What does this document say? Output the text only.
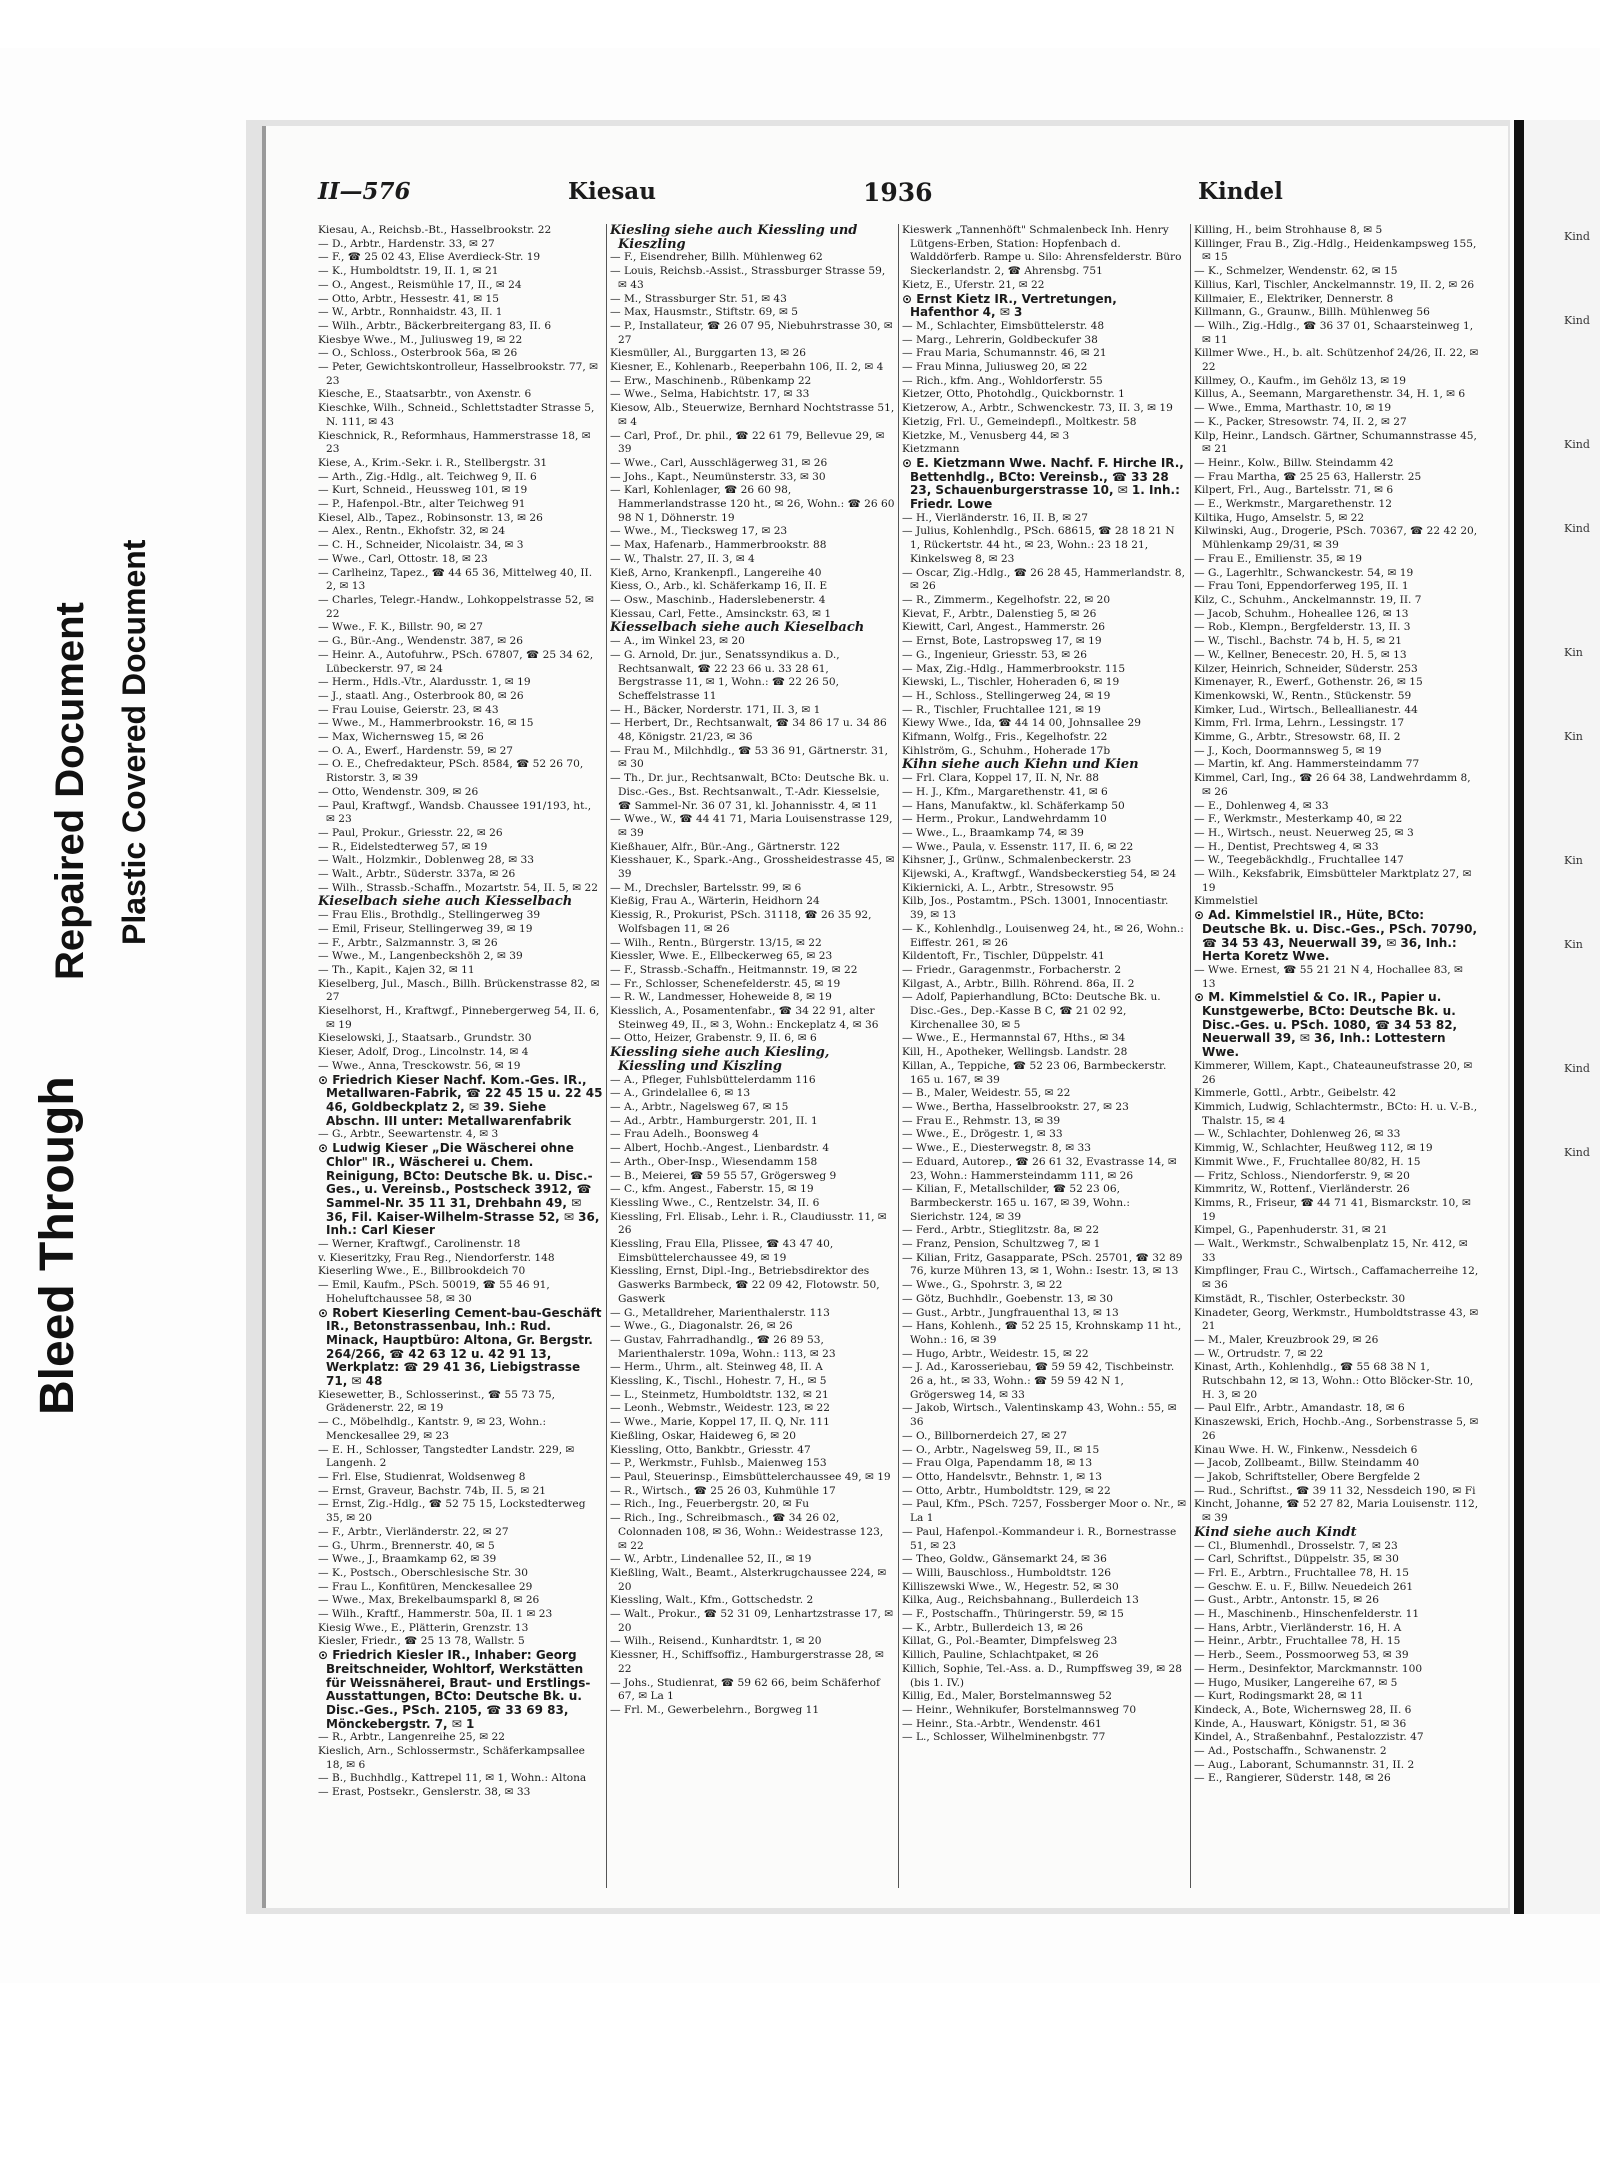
Bleed Through
Repaired Document Plastic Covered Document
Kind
Kind
Kind
Kind
Kin
Kin
Kin
Kin
Kind
Kind
II—576	Kiesau	1936	Kindel

Kiesau, A., Reichsb.-Bt., Hasselbrookstr. 22

— D., Arbtr., Hardenstr. 33, ✉ 27

— F., ☎ 25 02 43, Elise Averdieck-Str. 19

— K., Humboldtstr. 19, II. 1, ✉ 21

— O., Angest., Reismühle 17, II., ✉ 24

— Otto, Arbtr., Hessestr. 41, ✉ 15

— W., Arbtr., Ronnhaidstr. 43, II. 1

— Wilh., Arbtr., Bäckerbreitergang 83, II. 6

Kiesbye Wwe., M., Juliusweg 19, ✉ 22

— O., Schloss., Osterbrook 56a, ✉ 26

— Peter, Gewichtskontrolleur, Hasselbrookstr. 77, ✉ 23

Kiesche, E., Staatsarbtr., von Axenstr. 6

Kieschke, Wilh., Schneid., Schlettstadter Strasse 5, N. 111, ✉ 43

Kieschnick, R., Reformhaus, Hammerstrasse 18, ✉ 23

Kiese, A., Krim.-Sekr. i. R., Stellbergstr. 31

— Arth., Zig.-Hdlg., alt. Teichweg 9, II. 6

— Kurt, Schneid., Heussweg 101, ✉ 19

— P., Hafenpol.-Btr., alter Teichweg 91

Kiesel, Alb., Tapez., Robinsonstr. 13, ✉ 26

— Alex., Rentn., Ekhofstr. 32, ✉ 24

— C. H., Schneider, Nicolaistr. 34, ✉ 3

— Wwe., Carl, Ottostr. 18, ✉ 23

— Carlheinz, Tapez., ☎ 44 65 36, Mittelweg 40, II. 2, ✉ 13

— Charles, Telegr.-Handw., Lohkoppelstrasse 52, ✉ 22

— Wwe., F. K., Billstr. 90, ✉ 27

— G., Bür.-Ang., Wendenstr. 387, ✉ 26

— Heinr. A., Autofuhrw., PSch. 67807, ☎ 25 34 62, Lübeckerstr. 97, ✉ 24

— Herm., Hdls.-Vtr., Alardusstr. 1, ✉ 19

— J., staatl. Ang., Osterbrook 80, ✉ 26

— Frau Louise, Geierstr. 23, ✉ 43

— Wwe., M., Hammerbrookstr. 16, ✉ 15

— Max, Wichernsweg 15, ✉ 26

— O. A., Ewerf., Hardenstr. 59, ✉ 27

— O. E., Chefredakteur, PSch. 8584, ☎ 52 26 70, Ristorstr. 3, ✉ 39

— Otto, Wendenstr. 309, ✉ 26

— Paul, Kraftwgf., Wandsb. Chaussee 191/193, ht., ✉ 23

— Paul, Prokur., Griesstr. 22, ✉ 26

— R., Eidelstedterweg 57, ✉ 19

— Walt., Holzmkir., Doblenweg 28, ✉ 33

— Walt., Arbtr., Süderstr. 337a, ✉ 26

— Wilh., Strassb.-Schaffn., Mozartstr. 54, II. 5, ✉ 22

Kieselbach siehe auch Kiesselbach

— Frau Elis., Brothdlg., Stellingerweg 39

— Emil, Friseur, Stellingerweg 39, ✉ 19

— F., Arbtr., Salzmannstr. 3, ✉ 26

— Wwe., M., Langenbeckshöh 2, ✉ 39

— Th., Kapit., Kajen 32, ✉ 11

Kieselberg, Jul., Masch., Billh. Brückenstrasse 82, ✉ 27

Kieselhorst, H., Kraftwgf., Pinnebergerweg 54, II. 6, ✉ 19

Kieselowski, J., Staatsarb., Grundstr. 30

Kieser, Adolf, Drog., Lincolnstr. 14, ✉ 4

— Wwe., Anna, Tresckowstr. 56, ✉ 19

⊙ Friedrich Kieser Nachf. Kom.-Ges. IR., Metallwaren-Fabrik, ☎ 22 45 15 u. 22 45 46, Goldbeckplatz 2, ✉ 39. Siehe Abschn. III unter: Metallwarenfabrik

— G., Arbtr., Seewartenstr. 4, ✉ 3

⊙ Ludwig Kieser „Die Wäscherei ohne Chlor" IR., Wäscherei u. Chem. Reinigung, BCto: Deutsche Bk. u. Disc.-Ges., u. Vereinsb., Postscheck 3912, ☎ Sammel-Nr. 35 11 31, Drehbahn 49, ✉ 36, Fil. Kaiser-Wilhelm-Strasse 52, ✉ 36, Inh.: Carl Kieser

— Werner, Kraftwgf., Carolinenstr. 18

v. Kieseritzky, Frau Reg., Niendorferstr. 148

Kieserling Wwe., E., Billbrookdeich 70

— Emil, Kaufm., PSch. 50019, ☎ 55 46 91, Hoheluftchaussee 58, ✉ 30

⊙ Robert Kieserling Cement-bau-Geschäft IR., Betonstrassenbau, Inh.: Rud. Minack, Hauptbüro: Altona, Gr. Bergstr. 264/266, ☎ 42 63 12 u. 42 91 13, Werkplatz: ☎ 29 41 36, Liebigstrasse 71, ✉ 48

Kiesewetter, B., Schlosserinst., ☎ 55 73 75, Grädenerstr. 22, ✉ 19

— C., Möbelhdlg., Kantstr. 9, ✉ 23, Wohn.: Menckesallee 29, ✉ 23

— E. H., Schlosser, Tangstedter Landstr. 229, ✉ Langenh. 2

— Frl. Else, Studienrat, Woldsenweg 8

— Ernst, Graveur, Bachstr. 74b, II. 5, ✉ 21

— Ernst, Zig.-Hdlg., ☎ 52 75 15, Lockstedterweg 35, ✉ 20

— F., Arbtr., Vierländerstr. 22, ✉ 27

— G., Uhrm., Brennerstr. 40, ✉ 5

— Wwe., J., Braamkamp 62, ✉ 39

— K., Postsch., Oberschlesische Str. 30

— Frau L., Konfitüren, Menckesallee 29

— Wwe., Max, Brekelbaumsparkl 8, ✉ 26

— Wilh., Kraftf., Hammerstr. 50a, II. 1 ✉ 23

Kiesig Wwe., E., Plätterin, Grenzstr. 13

Kiesler, Friedr., ☎ 25 13 78, Wallstr. 5

⊙ Friedrich Kiesler IR., Inhaber: Georg Breitschneider, Wohltorf, Werkstätten für Weissnäherei, Braut- und Erstlings-Ausstattungen, BCto: Deutsche Bk. u. Disc.-Ges., PSch. 2105, ☎ 33 69 83, Mönckebergstr. 7, ✉ 1

— R., Arbtr., Langenreihe 25, ✉ 22

Kieslich, Arn., Schlossermstr., Schäferkampsallee 18, ✉ 6

— B., Buchhdlg., Kattrepel 11, ✉ 1, Wohn.: Altona

— Erast, Postsekr., Genslerstr. 38, ✉ 33

Kiesling siehe auch Kiessling und Kieszling

— F., Eisendreher, Billh. Mühlenweg 62

— Louis, Reichsb.-Assist., Strassburger Strasse 59, ✉ 43

— M., Strassburger Str. 51, ✉ 43

— Max, Hausmstr., Stiftstr. 69, ✉ 5

— P., Installateur, ☎ 26 07 95, Niebuhrstrasse 30, ✉ 27

Kiesmüller, Al., Burggarten 13, ✉ 26

Kiesner, E., Kohlenarb., Reeperbahn 106, II. 2, ✉ 4

— Erw., Maschinenb., Rübenkamp 22

— Wwe., Selma, Habichtstr. 17, ✉ 33

Kiesow, Alb., Steuerwize, Bernhard Nochtstrasse 51, ✉ 4

— Carl, Prof., Dr. phil., ☎ 22 61 79, Bellevue 29, ✉ 39

— Wwe., Carl, Ausschlägerweg 31, ✉ 26

— Johs., Kapt., Neumünsterstr. 33, ✉ 30

— Karl, Kohlenlager, ☎ 26 60 98, Hammerlandstrasse 120 ht., ✉ 26, Wohn.: ☎ 26 60 98 N 1, Döhnerstr. 19

— Wwe., M., Tiecksweg 17, ✉ 23

— Max, Hafenarb., Hammerbrookstr. 88

— W., Thalstr. 27, II. 3, ✉ 4

Kieß, Arno, Krankenpfl., Langereihe 40

Kiess, O., Arb., kl. Schäferkamp 16, II. E

— Osw., Maschinb., Haderslebenerstr. 4

Kiessau, Carl, Fette., Amsinckstr. 63, ✉ 1

Kiesselbach siehe auch Kieselbach

— A., im Winkel 23, ✉ 20

— G. Arnold, Dr. jur., Senatssyndikus a. D., Rechtsanwalt, ☎ 22 23 66 u. 33 28 61, Bergstrasse 11, ✉ 1, Wohn.: ☎ 22 26 50, Scheffelstrasse 11

— H., Bäcker, Norderstr. 171, II. 3, ✉ 1

— Herbert, Dr., Rechtsanwalt, ☎ 34 86 17 u. 34 86 48, Königstr. 21/23, ✉ 36

— Frau M., Milchhdlg., ☎ 53 36 91, Gärtnerstr. 31, ✉ 30

— Th., Dr. jur., Rechtsanwalt, BCto: Deutsche Bk. u. Disc.-Ges., Bst. Rechtsanwalt., T.-Adr. Kiesselsie, ☎ Sammel-Nr. 36 07 31, kl. Johannisstr. 4, ✉ 11

— Wwe., W., ☎ 44 41 71, Maria Louisenstrasse 129, ✉ 39

Kießhauer, Alfr., Bür.-Ang., Gärtnerstr. 122

Kiesshauer, K., Spark.-Ang., Grossheidestrasse 45, ✉ 39

— M., Drechsler, Bartelsstr. 99, ✉ 6

Kießig, Frau A., Wärterin, Heidhorn 24

Kiessig, R., Prokurist, PSch. 31118, ☎ 26 35 92, Wolfsbagen 11, ✉ 26

— Wilh., Rentn., Bürgerstr. 13/15, ✉ 22

Kiessler, Wwe. E., Ellbeckerweg 65, ✉ 23

— F., Strassb.-Schaffn., Heitmannstr. 19, ✉ 22

— Fr., Schlosser, Schenefelderstr. 45, ✉ 19

— R. W., Landmesser, Hoheweide 8, ✉ 19

Kiesslich, A., Posamentenfabr., ☎ 34 22 91, alter Steinweg 49, II., ✉ 3, Wohn.: Enckeplatz 4, ✉ 36

— Otto, Heizer, Grabenstr. 9, II. 6, ✉ 6

Kiessling siehe auch Kiesling, Kiessling und Kiszling

— A., Pfleger, Fuhlsbüttelerdamm 116

— A., Grindelallee 6, ✉ 13

— A., Arbtr., Nagelsweg 67, ✉ 15

— Ad., Arbtr., Hamburgerstr. 201, II. 1

— Frau Adelh., Boonsweg 4

— Albert, Hochb.-Angest., Lienbardstr. 4

— Arth., Ober-Insp., Wiesendamm 158

— B., Meierei, ☎ 59 55 57, Grögersweg 9

— C., kfm. Angest., Faberstr. 15, ✉ 19

Kiessling Wwe., C., Rentzelstr. 34, II. 6

Kiessling, Frl. Elisab., Lehr. i. R., Claudiusstr. 11, ✉ 26

Kiessling, Frau Ella, Plissee, ☎ 43 47 40, Eimsbüttelerchaussee 49, ✉ 19

Kiessling, Ernst, Dipl.-Ing., Betriebsdirektor des Gaswerks Barmbeck, ☎ 22 09 42, Flotowstr. 50, Gaswerk

— G., Metalldreher, Marienthalerstr. 113

— Wwe., G., Diagonalstr. 26, ✉ 26

— Gustav, Fahrradhandlg., ☎ 26 89 53, Marienthalerstr. 109a, Wohn.: 113, ✉ 23

— Herm., Uhrm., alt. Steinweg 48, II. A

Kiessling, K., Tischl., Hohestr. 7, H., ✉ 5

— L., Steinmetz, Humboldtstr. 132, ✉ 21

— Leonh., Webmstr., Weidestr. 123, ✉ 22

— Wwe., Marie, Koppel 17, II. Q, Nr. 111

Kießling, Oskar, Haideweg 6, ✉ 20

Kiessling, Otto, Bankbtr., Griesstr. 47

— P., Werkmstr., Fuhlsb., Maienweg 153

— Paul, Steuerinsp., Eimsbüttelerchaussee 49, ✉ 19

— R., Wirtsch., ☎ 25 26 03, Kuhmühle 17

— Rich., Ing., Feuerbergstr. 20, ✉ Fu

— Rich., Ing., Schreibmasch., ☎ 34 26 02, Colonnaden 108, ✉ 36, Wohn.: Weidestrasse 123, ✉ 22

— W., Arbtr., Lindenallee 52, II., ✉ 19

Kießling, Walt., Beamt., Alsterkrugchaussee 224, ✉ 20

Kiessling, Walt., Kfm., Gottschedstr. 2

— Walt., Prokur., ☎ 52 31 09, Lenhartzstrasse 17, ✉ 20

— Wilh., Reisend., Kunhardtstr. 1, ✉ 20

Kiessner, H., Schiffsoffiz., Hamburgerstrasse 28, ✉ 22

— Johs., Studienrat, ☎ 59 62 66, beim Schäferhof 67, ✉ La 1

— Frl. M., Gewerbelehrn., Borgweg 11

Kieswerk „Tannenhöft" Schmalenbeck Inh. Henry Lütgens-Erben, Station: Hopfenbach d. Walddörferb. Rampe u. Silo: Ahrensfelderstr. Büro Sieckerlandstr. 2, ☎ Ahrensbg. 751

Kietz, E., Uferstr. 21, ✉ 22

⊙ Ernst Kietz IR., Vertretungen, Hafenthor 4, ✉ 3

— M., Schlachter, Eimsbüttelerstr. 48

— Marg., Lehrerin, Goldbeckufer 38

— Frau Maria, Schumannstr. 46, ✉ 21

— Frau Minna, Juliusweg 20, ✉ 22

— Rich., kfm. Ang., Wohldorferstr. 55

Kietzer, Otto, Photohdlg., Quickbornstr. 1

Kietzerow, A., Arbtr., Schwenckestr. 73, II. 3, ✉ 19

Kietzig, Frl. U., Gemeindepfl., Moltkestr. 58

Kietzke, M., Venusberg 44, ✉ 3

Kietzmann

⊙ E. Kietzmann Wwe. Nachf. F. Hirche IR., Bettenhdlg., BCto: Vereinsb., ☎ 33 28 23, Schauenburgerstrasse 10, ✉ 1. Inh.: Friedr. Lowe

— H., Vierländerstr. 16, II. B, ✉ 27

— Julius, Kohlenhdlg., PSch. 68615, ☎ 28 18 21 N 1, Rückertstr. 44 ht., ✉ 23, Wohn.: 23 18 21, Kinkelsweg 8, ✉ 23

— Oscar, Zig.-Hdlg., ☎ 26 28 45, Hammerlandstr. 8, ✉ 26

— R., Zimmerm., Kegelhofstr. 22, ✉ 20

Kievat, F., Arbtr., Dalenstieg 5, ✉ 26

Kiewitt, Carl, Angest., Hammerstr. 26

— Ernst, Bote, Lastropsweg 17, ✉ 19

— G., Ingenieur, Griesstr. 53, ✉ 26

— Max, Zig.-Hdlg., Hammerbrookstr. 115

Kiewski, L., Tischler, Hoheraden 6, ✉ 19

— H., Schloss., Stellingerweg 24, ✉ 19

— R., Tischler, Fruchtallee 121, ✉ 19

Kiewy Wwe., Ida, ☎ 44 14 00, Johnsallee 29

Kifmann, Wolfg., Fris., Kegelhofstr. 22

Kihlström, G., Schuhm., Hoherade 17b

Kihn siehe auch Kiehn und Kien

— Frl. Clara, Koppel 17, II. N, Nr. 88

— H. J., Kfm., Margarethenstr. 41, ✉ 6

— Hans, Manufaktw., kl. Schäferkamp 50

— Herm., Prokur., Landwehrdamm 10

— Wwe., L., Braamkamp 74, ✉ 39

— Wwe., Paula, v. Essenstr. 117, II. 6, ✉ 22

Kihsner, J., Grünw., Schmalenbeckerstr. 23

Kijewski, A., Kraftwgf., Wandsbeckerstieg 54, ✉ 24

Kikiernicki, A. L., Arbtr., Stresowstr. 95

Kilb, Jos., Postamtm., PSch. 13001, Innocentiastr. 39, ✉ 13

— K., Kohlenhdlg., Louisenweg 24, ht., ✉ 26, Wohn.: Eiffestr. 261, ✉ 26

Kildentoft, Fr., Tischler, Düppelstr. 41

— Friedr., Garagenmstr., Forbacherstr. 2

Kilgast, A., Arbtr., Billh. Röhrend. 86a, II. 2

— Adolf, Papierhandlung, BCto: Deutsche Bk. u. Disc.-Ges., Dep.-Kasse B C, ☎ 21 02 92, Kirchenallee 30, ✉ 5

— Wwe., E., Hermannstal 67, Hths., ✉ 34

Kill, H., Apotheker, Wellingsb. Landstr. 28

Killan, A., Teppiche, ☎ 52 23 06, Barmbeckerstr. 165 u. 167, ✉ 39

— B., Maler, Weidestr. 55, ✉ 22

— Wwe., Bertha, Hasselbrookstr. 27, ✉ 23

— Frau E., Rehmstr. 13, ✉ 39

— Wwe., E., Drögestr. 1, ✉ 33

— Wwe., E., Diesterwegstr. 8, ✉ 33

— Eduard, Autorep., ☎ 26 61 32, Evastrasse 14, ✉ 23, Wohn.: Hammersteindamm 111, ✉ 26

— Kilian, F., Metallschilder, ☎ 52 23 06, Barmbeckerstr. 165 u. 167, ✉ 39, Wohn.: Sierichstr. 124, ✉ 39

— Ferd., Arbtr., Stieglitzstr. 8a, ✉ 22

— Franz, Pension, Schultzweg 7, ✉ 1

— Kilian, Fritz, Gasapparate, PSch. 25701, ☎ 32 89 76, kurze Mühren 13, ✉ 1, Wohn.: Isestr. 13, ✉ 13

— Wwe., G., Spohrstr. 3, ✉ 22

— Götz, Buchhdlr., Goebenstr. 13, ✉ 30

— Gust., Arbtr., Jungfrauenthal 13, ✉ 13

— Hans, Kohlenh., ☎ 52 25 15, Krohnskamp 11 ht., Wohn.: 16, ✉ 39

— Hugo, Arbtr., Weidestr. 15, ✉ 22

— J. Ad., Karosseriebau, ☎ 59 59 42, Tischbeinstr. 26 a, ht., ✉ 33, Wohn.: ☎ 59 59 42 N 1, Grögersweg 14, ✉ 33

— Jakob, Wirtsch., Valentinskamp 43, Wohn.: 55, ✉ 36

— O., Billbornerdeich 27, ✉ 27

— O., Arbtr., Nagelsweg 59, II., ✉ 15

— Frau Olga, Papendamm 18, ✉ 13

— Otto, Handelsvtr., Behnstr. 1, ✉ 13

— Otto, Arbtr., Humboldtstr. 129, ✉ 22

— Paul, Kfm., PSch. 7257, Fossberger Moor o. Nr., ✉ La 1

— Paul, Hafenpol.-Kommandeur i. R., Bornestrasse 51, ✉ 23

— Theo, Goldw., Gänsemarkt 24, ✉ 36

— Willi, Bauschloss., Humboldtstr. 126

Killiszewski Wwe., W., Hegestr. 52, ✉ 30

Kilka, Aug., Reichsbahnang., Bullerdeich 13

— F., Postschaffn., Thüringerstr. 59, ✉ 15

— K., Arbtr., Bullerdeich 13, ✉ 26

Killat, G., Pol.-Beamter, Dimpfelsweg 23

Killich, Pauline, Schlachtpaket, ✉ 26

Killich, Sophie, Tel.-Ass. a. D., Rumpffsweg 39, ✉ 28 (bis 1. IV.)

Killig, Ed., Maler, Borstelmannsweg 52

— Heinr., Wehnikufer, Borstelmannsweg 70

— Heinr., Sta.-Arbtr., Wendenstr. 461

— L., Schlosser, Wilhelminenbgstr. 77

Killing, H., beim Strohhause 8, ✉ 5

Killinger, Frau B., Zig.-Hdlg., Heidenkampsweg 155, ✉ 15

— K., Schmelzer, Wendenstr. 62, ✉ 15

Killius, Karl, Tischler, Anckelmannstr. 19, II. 2, ✉ 26

Killmaier, E., Elektriker, Dennerstr. 8

Killmann, G., Graunw., Billh. Mühlenweg 56

— Wilh., Zig.-Hdlg., ☎ 36 37 01, Schaarsteinweg 1, ✉ 11

Killmer Wwe., H., b. alt. Schützenhof 24/26, II. 22, ✉ 22

Killmey, O., Kaufm., im Gehölz 13, ✉ 19

Killus, A., Seemann, Margarethenstr. 34, H. 1, ✉ 6

— Wwe., Emma, Marthastr. 10, ✉ 19

— K., Packer, Stresowstr. 74, II. 2, ✉ 27

Kilp, Heinr., Landsch. Gärtner, Schumannstrasse 45, ✉ 21

— Heinr., Kolw., Billw. Steindamm 42

— Frau Martha, ☎ 25 25 63, Hallerstr. 25

Kilpert, Frl., Aug., Bartelsstr. 71, ✉ 6

— E., Werkmstr., Margarethenstr. 12

Kiltika, Hugo, Amselstr. 5, ✉ 22

Kilwinski, Aug., Drogerie, PSch. 70367, ☎ 22 42 20, Mühlenkamp 29/31, ✉ 39

— Frau E., Emilienstr. 35, ✉ 19

— G., Lagerhltr., Schwanckestr. 54, ✉ 19

— Frau Toni, Eppendorferweg 195, II. 1

Kilz, C., Schuhm., Anckelmannstr. 19, II. 7

— Jacob, Schuhm., Hoheallee 126, ✉ 13

— Rob., Klempn., Bergfelderstr. 13, II. 3

— W., Tischl., Bachstr. 74 b, H. 5, ✉ 21

— W., Kellner, Benecestr. 20, H. 5, ✉ 13

Kilzer, Heinrich, Schneider, Süderstr. 253

Kimenayer, R., Ewerf., Gothenstr. 26, ✉ 15

Kimenkowski, W., Rentn., Stückenstr. 59

Kimker, Lud., Wirtsch., Belleallianestr. 44

Kimm, Frl. Irma, Lehrn., Lessingstr. 17

Kimme, G., Arbtr., Stresowstr. 68, II. 2

— J., Koch, Doormannsweg 5, ✉ 19

— Martin, kf. Ang. Hammersteindamm 77

Kimmel, Carl, Ing., ☎ 26 64 38, Landwehrdamm 8, ✉ 26

— E., Dohlenweg 4, ✉ 33

— F., Werkmstr., Mesterkamp 40, ✉ 22

— H., Wirtsch., neust. Neuerweg 25, ✉ 3

— H., Dentist, Prechtsweg 4, ✉ 33

— W., Teegebäckhdlg., Fruchtallee 147

— Wilh., Keksfabrik, Eimsbütteler Marktplatz 27, ✉ 19

Kimmelstiel

⊙ Ad. Kimmelstiel IR., Hüte, BCto: Deutsche Bk. u. Disc.-Ges., PSch. 70790, ☎ 34 53 43, Neuerwall 39, ✉ 36, Inh.: Herta Koretz Wwe.

— Wwe. Ernest, ☎ 55 21 21 N 4, Hochallee 83, ✉ 13

⊙ M. Kimmelstiel & Co. IR., Papier u. Kunstgewerbe, BCto: Deutsche Bk. u. Disc.-Ges. u. PSch. 1080, ☎ 34 53 82, Neuerwall 39, ✉ 36, Inh.: Lottestern Wwe.

Kimmerer, Willem, Kapt., Chateauneufstrasse 20, ✉ 26

Kimmerle, Gottl., Arbtr., Geibelstr. 42

Kimmich, Ludwig, Schlachtermstr., BCto: H. u. V.-B., Thalstr. 15, ✉ 4

— W., Schlachter, Dohlenweg 26, ✉ 33

Kimmig, W., Schlachter, Heußweg 112, ✉ 19

Kimmit Wwe., F., Fruchtallee 80/82, H. 15

— Fritz, Schloss., Niendorferstr. 9, ✉ 20

Kimmritz, W., Rottenf., Vierländerstr. 26

Kimms, R., Friseur, ☎ 44 71 41, Bismarckstr. 10, ✉ 19

Kimpel, G., Papenhuderstr. 31, ✉ 21

— Walt., Werkmstr., Schwalbenplatz 15, Nr. 412, ✉ 33

Kimpflinger, Frau C., Wirtsch., Caffamacherreihe 12, ✉ 36

Kimstädt, R., Tischler, Osterbeckstr. 30

Kinadeter, Georg, Werkmstr., Humboldtstrasse 43, ✉ 21

— M., Maler, Kreuzbrook 29, ✉ 26

— W., Ortrudstr. 7, ✉ 22

Kinast, Arth., Kohlenhdlg., ☎ 55 68 38 N 1, Rutschbahn 12, ✉ 13, Wohn.: Otto Blöcker-Str. 10, H. 3, ✉ 20

— Paul Elfr., Arbtr., Amandastr. 18, ✉ 6

Kinaszewski, Erich, Hochb.-Ang., Sorbenstrasse 5, ✉ 26

Kinau Wwe. H. W., Finkenw., Nessdeich 6

— Jacob, Zollbeamt., Billw. Steindamm 40

— Jakob, Schriftsteller, Obere Bergfelde 2

— Rud., Schriftst., ☎ 39 11 32, Nessdeich 190, ✉ Fi

Kincht, Johanne, ☎ 52 27 82, Maria Louisenstr. 112, ✉ 39

Kind siehe auch Kindt

— Cl., Blumenhdl., Drosselstr. 7, ✉ 23

— Carl, Schriftst., Düppelstr. 35, ✉ 30

— Frl. E., Arbtrn., Fruchtallee 78, H. 15

— Geschw. E. u. F., Billw. Neuedeich 261

— Gust., Arbtr., Antonstr. 15, ✉ 26

— H., Maschinenb., Hinschenfelderstr. 11

— Hans, Arbtr., Vierländerstr. 16, H. A

— Heinr., Arbtr., Fruchtallee 78, H. 15

— Herb., Seem., Possmoorweg 53, ✉ 39

— Herm., Desinfektor, Marckmannstr. 100

— Hugo, Musiker, Langereihe 67, ✉ 5

— Kurt, Rodingsmarkt 28, ✉ 11

Kindeck, A., Bote, Wichernsweg 28, II. 6

Kinde, A., Hauswart, Königstr. 51, ✉ 36

Kindel, A., Straßenbahnf., Pestalozzistr. 47

— Ad., Postschaffn., Schwanenstr. 2

— Aug., Laborant, Schumannstr. 31, II. 2

— E., Rangierer, Süderstr. 148, ✉ 26
